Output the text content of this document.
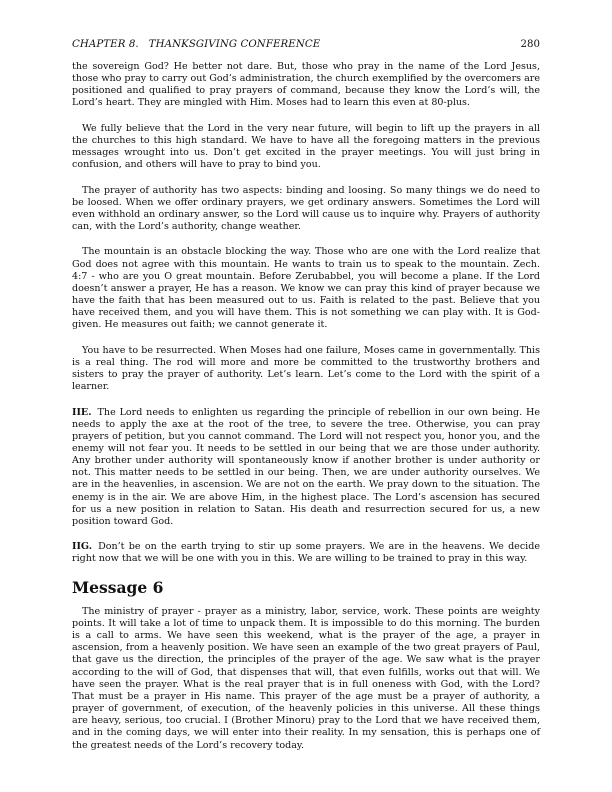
CHAPTER 8. THANKSGIVING CONFERENCE	280

the sovereign God? He better not dare. But, those who pray in the name of the Lord Jesus, those who pray to carry out God’s administration, the church exemplified by the overcomers are positioned and qualified to pray prayers of command, because they know the Lord’s will, the Lord’s heart. They are mingled with Him. Moses had to learn this even at 80-plus.

We fully believe that the Lord in the very near future, will begin to lift up the prayers in all the churches to this high standard. We have to have all the foregoing matters in the previous messages wrought into us. Don’t get excited in the prayer meetings. You will just bring in confusion, and others will have to pray to bind you.

The prayer of authority has two aspects: binding and loosing. So many things we do need to be loosed. When we offer ordinary prayers, we get ordinary answers. Sometimes the Lord will even withhold an ordinary answer, so the Lord will cause us to inquire why. Prayers of authority can, with the Lord’s authority, change weather.

The mountain is an obstacle blocking the way. Those who are one with the Lord realize that God does not agree with this mountain. He wants to train us to speak to the mountain. Zech. 4:7 - who are you O great mountain. Before Zerubabbel, you will become a plane. If the Lord doesn’t answer a prayer, He has a reason. We know we can pray this kind of prayer because we have the faith that has been measured out to us. Faith is related to the past. Believe that you have received them, and you will have them. This is not something we can play with. It is God-given. He measures out faith; we cannot generate it.

You have to be resurrected. When Moses had one failure, Moses came in governmentally. This is a real thing. The rod will more and more be committed to the trustworthy brothers and sisters to pray the prayer of authority. Let’s learn. Let’s come to the Lord with the spirit of a learner.

IIE. The Lord needs to enlighten us regarding the principle of rebellion in our own being. He needs to apply the axe at the root of the tree, to severe the tree. Otherwise, you can pray prayers of petition, but you cannot command. The Lord will not respect you, honor you, and the enemy will not fear you. It needs to be settled in our being that we are those under authority. Any brother under authority will spontaneously know if another brother is under authority or not. This matter needs to be settled in our being. Then, we are under authority ourselves. We are in the heavenlies, in ascension. We are not on the earth. We pray down to the situation. The enemy is in the air. We are above Him, in the highest place. The Lord’s ascension has secured for us a new position in relation to Satan. His death and resurrection secured for us, a new position toward God.

IIG. Don’t be on the earth trying to stir up some prayers. We are in the heavens. We decide right now that we will be one with you in this. We are willing to be trained to pray in this way.

Message 6

The ministry of prayer - prayer as a ministry, labor, service, work. These points are weighty points. It will take a lot of time to unpack them. It is impossible to do this morning. The burden is a call to arms. We have seen this weekend, what is the prayer of the age, a prayer in ascension, from a heavenly position. We have seen an example of the two great prayers of Paul, that gave us the direction, the principles of the prayer of the age. We saw what is the prayer according to the will of God, that dispenses that will, that even fulfills, works out that will. We have seen the prayer. What is the real prayer that is in full oneness with God, with the Lord? That must be a prayer in His name. This prayer of the age must be a prayer of authority, a prayer of government, of execution, of the heavenly policies in this universe. All these things are heavy, serious, too crucial. I (Brother Minoru) pray to the Lord that we have received them, and in the coming days, we will enter into their reality. In my sensation, this is perhaps one of the greatest needs of the Lord’s recovery today.
